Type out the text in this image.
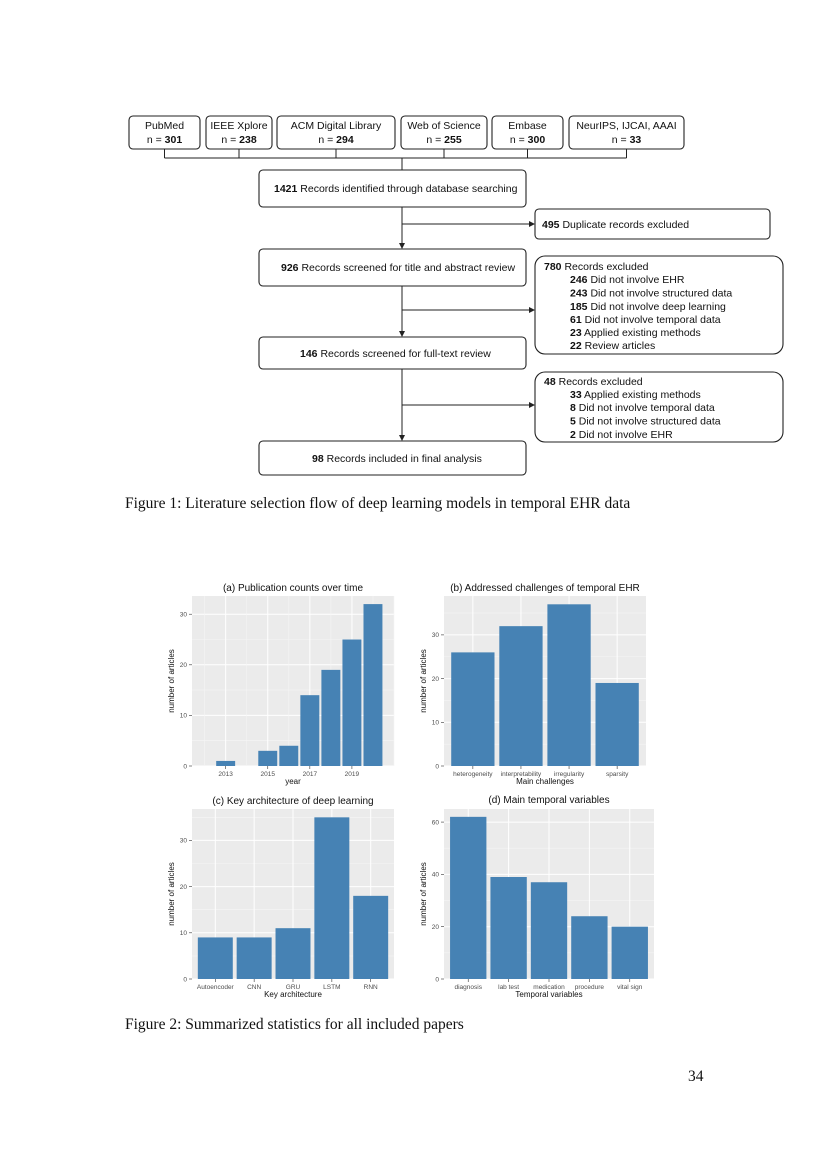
PubMed
n = 301
IEEE Xplore
n = 238
ACM Digital Library
n = 294
Web of Science
n = 255
Embase
n = 300
NeurIPS, IJCAI, AAAI
n = 33
1421 Records identified through database searching
495 Duplicate records excluded
926 Records screened for title and abstract review	780 Records excluded
246 Did not involve EHR
243 Did not involve structured data
185 Did not involve deep learning
61 Did not involve temporal data
23 Applied existing methods
22 Review articles
146 Records screened for full-text review
48 Records excluded
33 Applied existing methods
8 Did not involve temporal data
5 Did not involve structured data
2 Did not involve EHR
98 Records included in final analysis
Figure 1: Literature selection flow of deep learning models in temporal EHR data
(a) Publication counts over time
0
10
20
30
2013	2015	2017	2019
year
number of articles
(b) Addressed challenges of temporal EHR
0
10
20
30
heterogeneity interpretability irregularity	sparsity
Main challenges
number of articles
(c) Key architecture of deep learning
0
10
20
30
Autoencoder CNN	GRU	LSTM	RNN
Key architecture
number of articles
(d) Main temporal variables
0
20
40
60
diagnosis lab test medication procedure vital sign
Temporal variables
number of articles
Figure 2: Summarized statistics for all included papers
34
